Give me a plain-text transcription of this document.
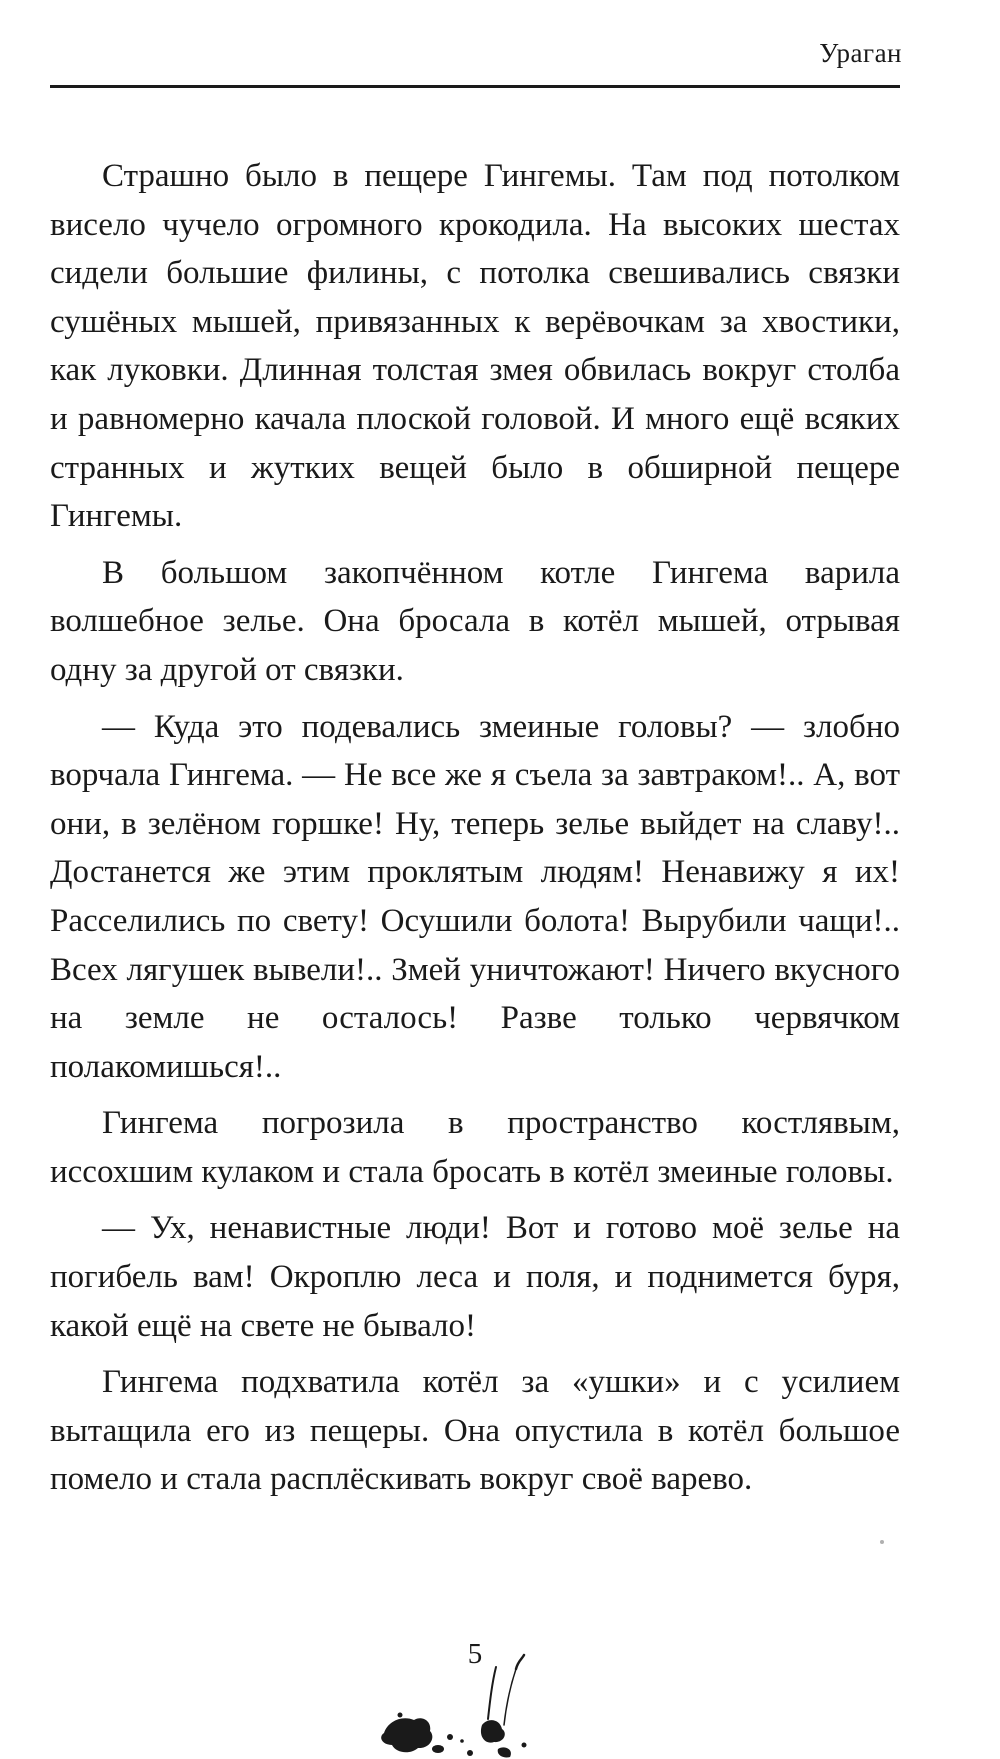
Ураган

Страшно было в пещере Гингемы. Там под потолком висело чучело огромного крокодила. На высоких шестах сидели большие филины, с потолка свешивались связки сушёных мышей, привязанных к верёвочкам за хвостики, как луковки. Длинная толстая змея обвилась вокруг столба и равномерно качала плоской головой. И много ещё всяких странных и жутких вещей было в обширной пещере Гингемы.

В большом закопчённом котле Гингема варила волшебное зелье. Она бросала в котёл мышей, отрывая одну за другой от связки.

— Куда это подевались змеиные головы? — злобно ворчала Гингема. — Не все же я съела за завтраком!.. А, вот они, в зелёном горшке! Ну, теперь зелье выйдет на славу!.. Достанется же этим проклятым людям! Ненавижу я их! Расселились по свету! Осушили болота! Вырубили чащи!.. Всех лягушек вывели!.. Змей уничтожают! Ничего вкусного на земле не осталось! Разве только червячком полакомишься!..

Гингема погрозила в пространство костлявым, иссохшим кулаком и стала бросать в котёл змеиные головы.

— Ух, ненавистные люди! Вот и готово моё зелье на погибель вам! Окроплю леса и поля, и поднимется буря, какой ещё на свете не бывало!

Гингема подхватила котёл за «ушки» и с усилием вытащила его из пещеры. Она опустила в котёл большое помело и стала расплёскивать вокруг своё варево.

5
